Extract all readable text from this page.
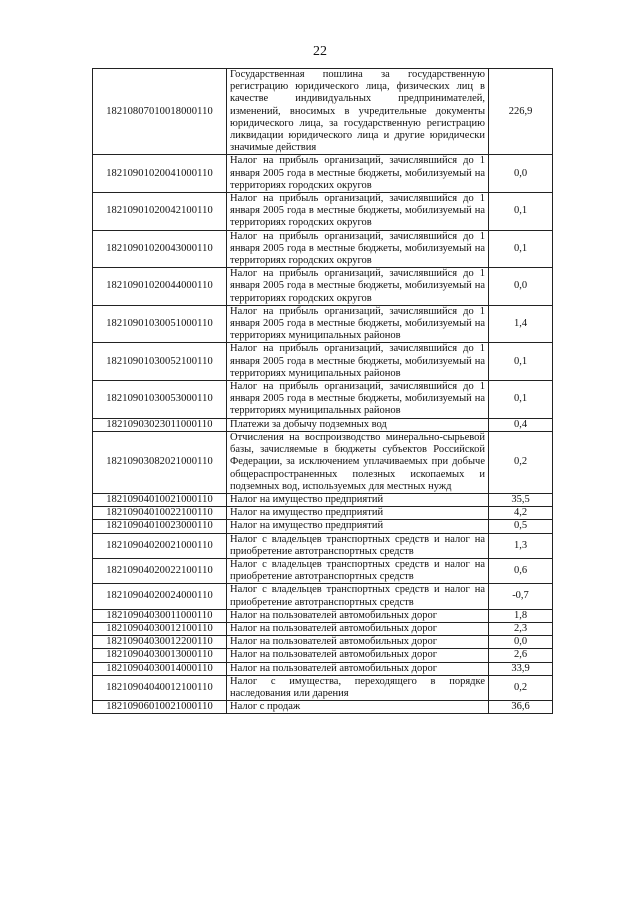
22
18210807010018000110	Государственная пошлина за государственную регистрацию юридического лица, физических лиц в качестве индивидуальных предпринимателей, изменений, вносимых в учредительные документы юридического лица, за государственную регистрацию ликвидации юридического лица и другие юридически значимые действия	226,9
18210901020041000110	Налог на прибыль организаций, зачислявшийся до 1 января 2005 года в местные бюджеты, мобилизуемый на территориях городских округов	0,0
18210901020042100110	Налог на прибыль организаций, зачислявшийся до 1 января 2005 года в местные бюджеты, мобилизуемый на территориях городских округов	0,1
18210901020043000110	Налог на прибыль организаций, зачислявшийся до 1 января 2005 года в местные бюджеты, мобилизуемый на территориях городских округов	0,1
18210901020044000110	Налог на прибыль организаций, зачислявшийся до 1 января 2005 года в местные бюджеты, мобилизуемый на территориях городских округов	0,0
18210901030051000110	Налог на прибыль организаций, зачислявшийся до 1 января 2005 года в местные бюджеты, мобилизуемый на территориях муниципальных районов	1,4
18210901030052100110	Налог на прибыль организаций, зачислявшийся до 1 января 2005 года в местные бюджеты, мобилизуемый на территориях муниципальных районов	0,1
18210901030053000110	Налог на прибыль организаций, зачислявшийся до 1 января 2005 года в местные бюджеты, мобилизуемый на территориях муниципальных районов	0,1
18210903023011000110	Платежи за добычу подземных вод	0,4
18210903082021000110	Отчисления на воспроизводство минерально-сырьевой базы, зачисляемые в бюджеты субъектов Российской Федерации, за исключением уплачиваемых при добыче общераспространенных полезных ископаемых и подземных вод, используемых для местных нужд	0,2
18210904010021000110	Налог на имущество предприятий	35,5
18210904010022100110	Налог на имущество предприятий	4,2
18210904010023000110	Налог на имущество предприятий	0,5
18210904020021000110	Налог с владельцев транспортных средств и налог на приобретение автотранспортных средств	1,3
18210904020022100110	Налог с владельцев транспортных средств и налог на приобретение автотранспортных средств	0,6
18210904020024000110	Налог с владельцев транспортных средств и налог на приобретение автотранспортных средств	-0,7
18210904030011000110	Налог на пользователей автомобильных дорог	1,8
18210904030012100110	Налог на пользователей автомобильных дорог	2,3
18210904030012200110	Налог на пользователей автомобильных дорог	0,0
18210904030013000110	Налог на пользователей автомобильных дорог	2,6
18210904030014000110	Налог на пользователей автомобильных дорог	33,9
18210904040012100110	Налог с имущества, переходящего в порядке наследования или дарения	0,2
18210906010021000110	Налог с продаж	36,6
